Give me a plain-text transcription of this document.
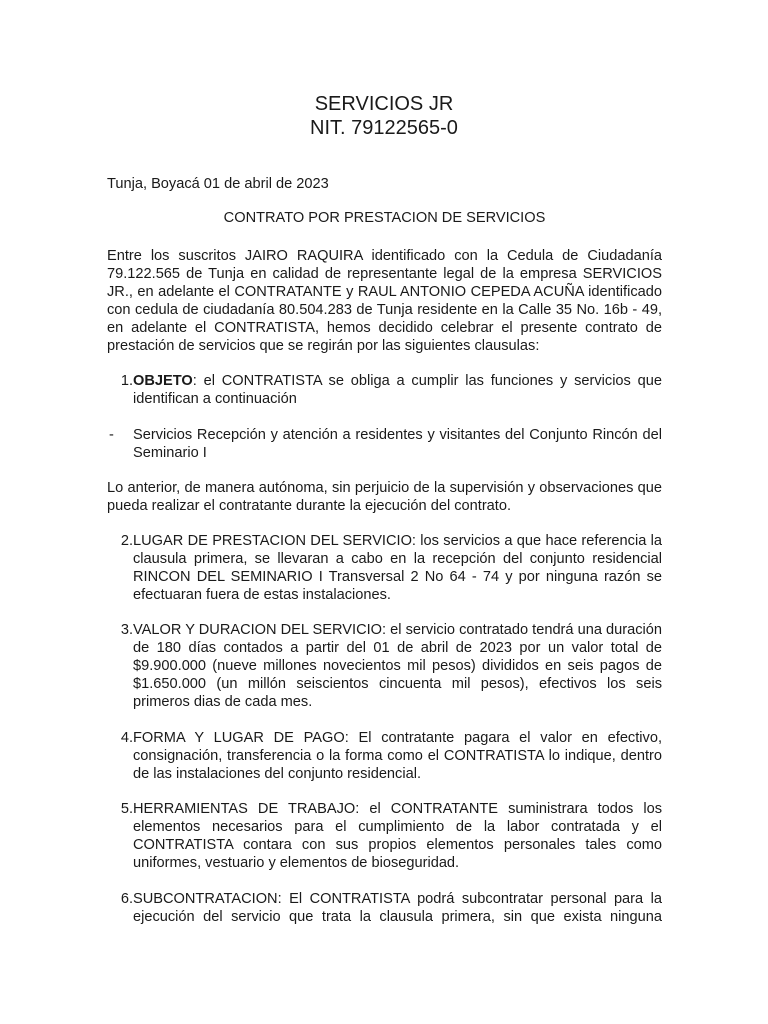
SERVICIOS JR
NIT. 79122565-0
Tunja, Boyacá 01 de abril de 2023
CONTRATO POR PRESTACION DE SERVICIOS
Entre los suscritos JAIRO RAQUIRA identificado con la Cedula de Ciudadanía 79.122.565 de Tunja en calidad de representante legal de la empresa SERVICIOS JR., en adelante el CONTRATANTE y RAUL ANTONIO CEPEDA ACUÑA identificado con cedula de ciudadanía 80.504.283 de Tunja residente en la Calle 35 No. 16b - 49, en adelante el CONTRATISTA, hemos decidido celebrar el presente contrato de prestación de servicios que se regirán por las siguientes clausulas:
1. OBJETO: el CONTRATISTA se obliga a cumplir las funciones y servicios que identifican a continuación
-	Servicios Recepción y atención a residentes y visitantes del Conjunto Rincón del Seminario I
Lo anterior, de manera autónoma, sin perjuicio de la supervisión y observaciones que pueda realizar el contratante durante la ejecución del contrato.
2. LUGAR DE PRESTACION DEL SERVICIO: los servicios a que hace referencia la clausula primera, se llevaran a cabo en la recepción del conjunto residencial RINCON DEL SEMINARIO I Transversal 2 No 64 - 74 y por ninguna razón se efectuaran fuera de estas instalaciones.
3. VALOR Y DURACION DEL SERVICIO: el servicio contratado tendrá una duración de 180 días contados a partir del 01 de abril de 2023 por un valor total de $9.900.000 (nueve millones novecientos mil pesos) divididos en seis pagos de $1.650.000 (un millón seiscientos cincuenta mil pesos), efectivos los seis primeros dias de cada mes.
4. FORMA Y LUGAR DE PAGO: El contratante pagara el valor en efectivo, consignación, transferencia o la forma como el CONTRATISTA lo indique, dentro de las instalaciones del conjunto residencial.
5. HERRAMIENTAS DE TRABAJO: el CONTRATANTE suministrara todos los elementos necesarios para el cumplimiento de la labor contratada y el CONTRATISTA contara con sus propios elementos personales tales como uniformes, vestuario y elementos de bioseguridad.
6. SUBCONTRATACION: El CONTRATISTA podrá subcontratar personal para la ejecución del servicio que trata la clausula primera, sin que exista ninguna
